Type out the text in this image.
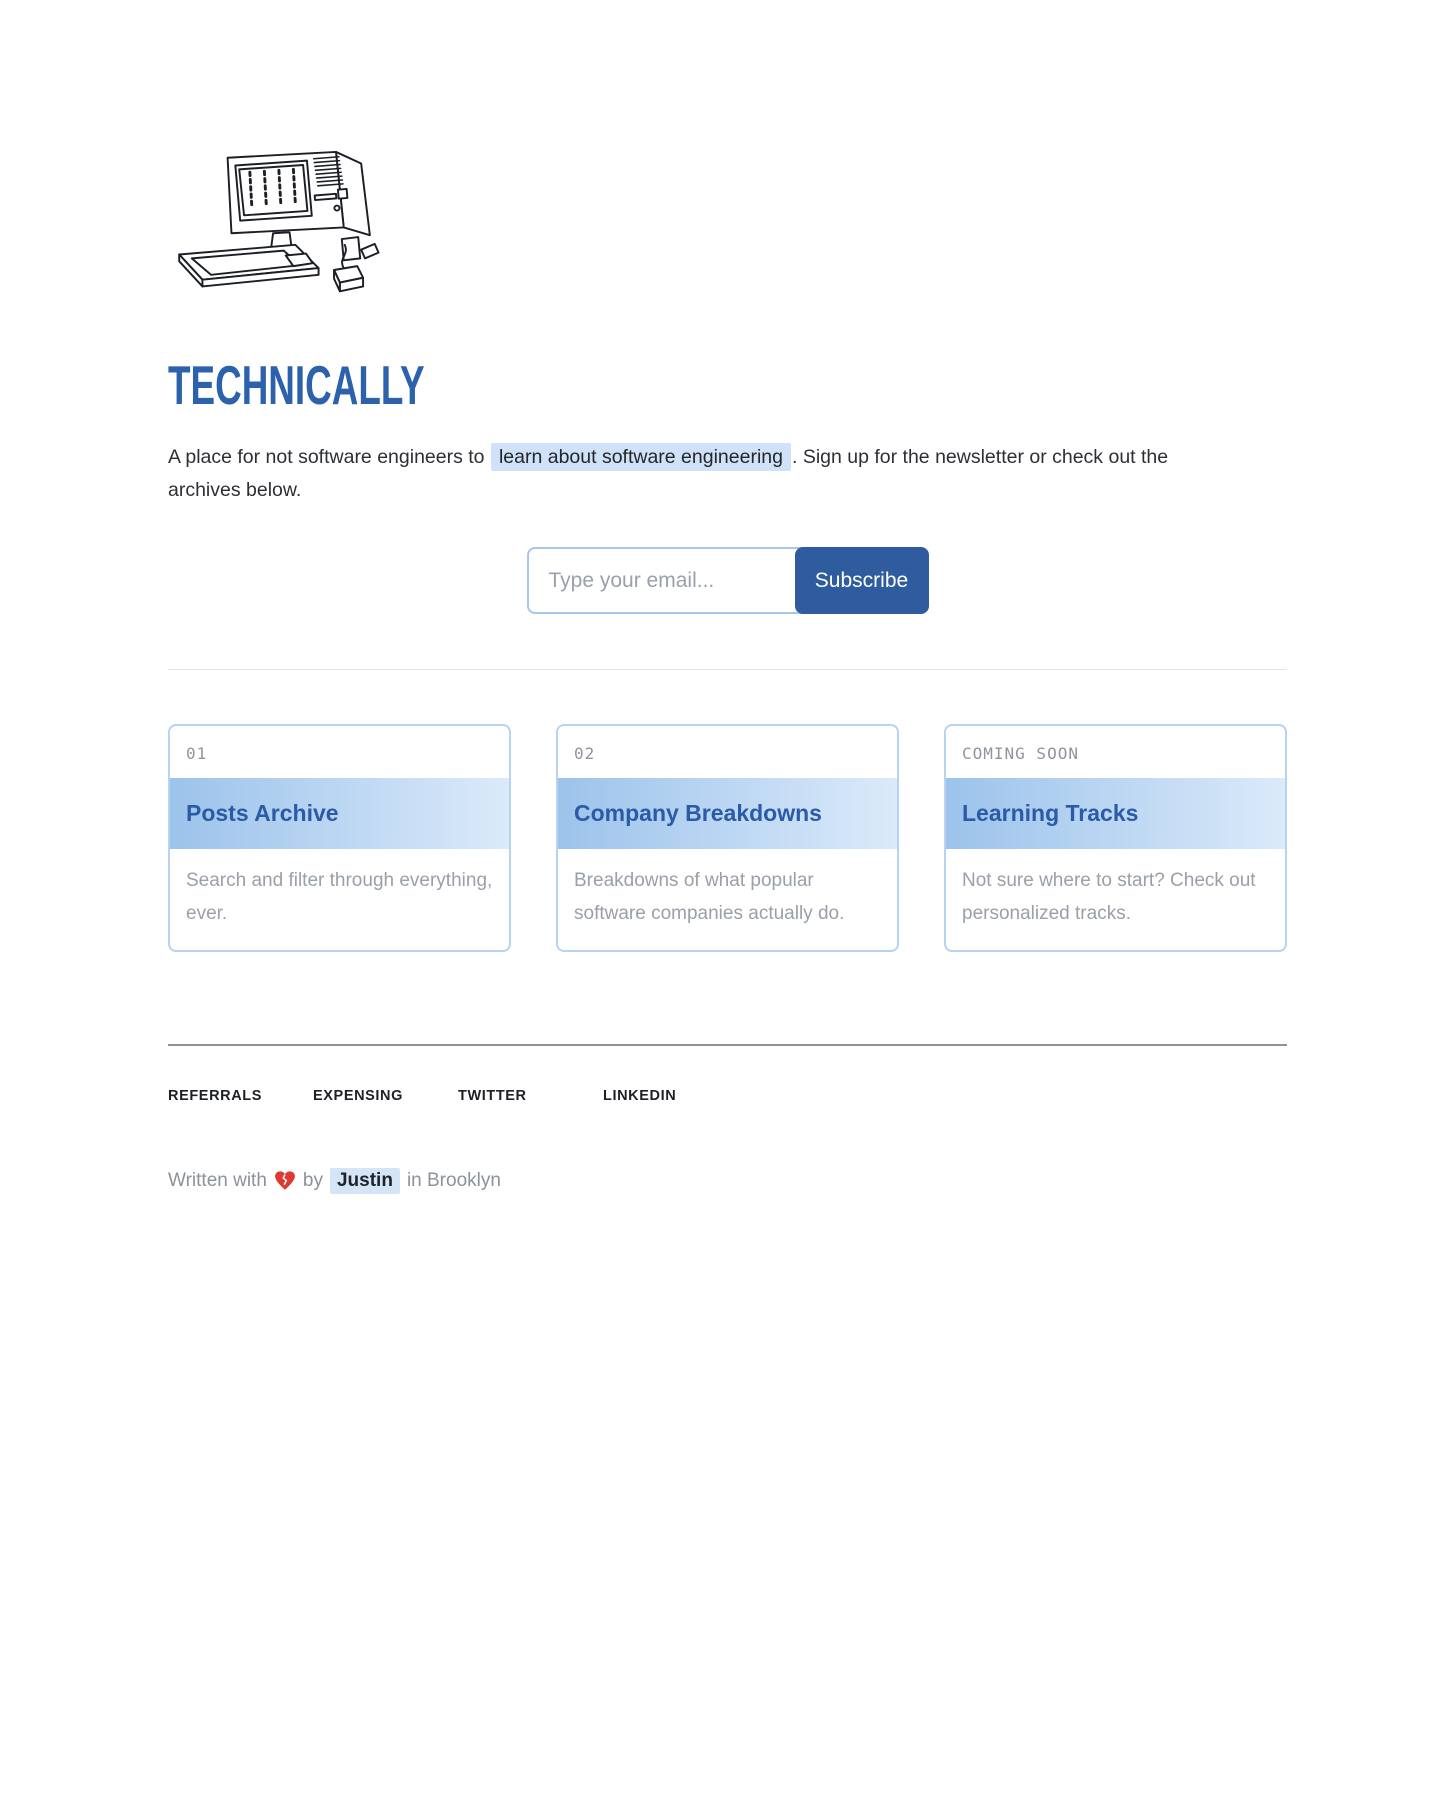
TECHNICALLY

A place for not software engineers to learn about software engineering . Sign up for the newsletter or check out the archives below.

Type your email...
Subscribe
01
Posts Archive
Search and filter through everything, ever.
02
Company Breakdowns
Breakdowns of what popular software companies actually do.
COMING SOON
Learning Tracks
Not sure where to start? Check out personalized tracks.
REFERRALS	EXPENSING	TWITTER	LINKEDIN
Written with by Justin in Brooklyn
